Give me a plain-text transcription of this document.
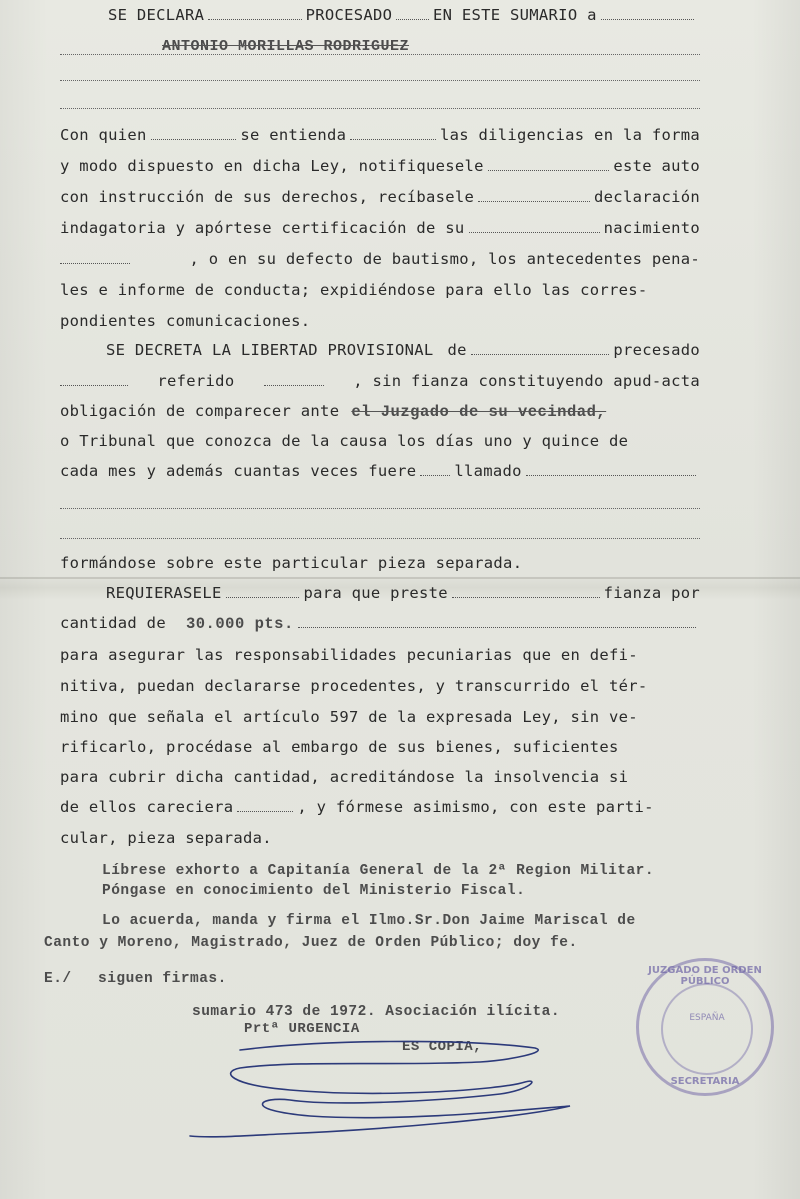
SE DECLARA	PROCESADO	EN ESTE SUMARIO a
ANTONIO MORILLAS RODRIGUEZ
Con quien	se entienda	las diligencias en la forma
y modo dispuesto en dicha Ley, notifiquesele	este auto
con instrucción de sus derechos, recíbasele	declaración
indagatoria y apórtese certificación de su	nacimiento
, o en su defecto de bautismo, los antecedentes pena-
les e informe de conducta; expidiéndose para ello las corres-
pondientes comunicaciones.
SE DECRETA LA LIBERTAD PROVISIONAL de	precesado
referido	, sin fianza constituyendo apud-acta
obligación de comparecer ante el Juzgado de su vecindad,
o Tribunal que conozca de la causa los días uno y quince de
cada mes y además cuantas veces fuere llamado
formándose sobre este particular pieza separada.
REQUIERASELE	para que preste	fianza por
cantidad de 30.000 pts.
para asegurar las responsabilidades pecuniarias que en defi-
nitiva, puedan declararse procedentes, y transcurrido el tér-
mino que señala el artículo 597 de la expresada Ley, sin ve-
rificarlo, procédase al embargo de sus bienes, suficientes
para cubrir dicha cantidad, acreditándose la insolvencia si
de ellos careciera	, y fórmese asimismo, con este parti-
cular, pieza separada.
Líbrese exhorto a Capitanía General de la 2ª Region Militar.
Póngase en conocimiento del Ministerio Fiscal.
Lo acuerda, manda y firma el Ilmo.Sr.Don Jaime Mariscal de
Canto y Moreno, Magistrado, Juez de Orden Público; doy fe.
E./ siguen firmas.
sumario 473 de 1972. Asociación ilícita.
Prtª URGENCIA
ES COPIA,
JUZGADO DE ORDEN PÚBLICO
ESPAÑA
SECRETARIA
